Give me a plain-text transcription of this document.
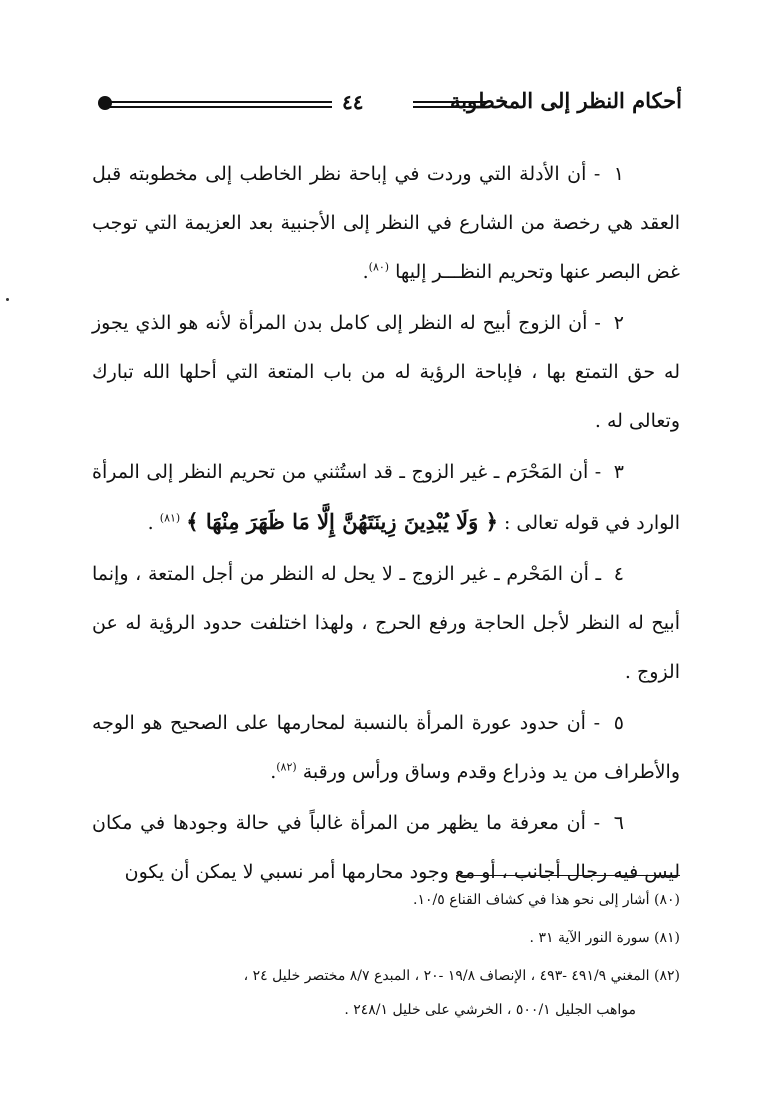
أحكام النظر إلى المخطوبة
٤٤

١ - أن الأدلة التي وردت في إباحة نظر الخاطب إلى مخطوبته قبل العقد هي رخصة من الشارع في النظر إلى الأجنبية بعد العزيمة التي توجب غض البصر عنها وتحريم النظـــر إليها $^{(٨٠)}$.

٢ - أن الزوج أبيح له النظر إلى كامل بدن المرأة لأنه هو الذي يجوز له حق التمتع بها ، فإباحة الرؤية له من باب المتعة التي أحلها الله تبارك وتعالى له .

٣ - أن المَحْرَم ـ غير الزوج ـ قد استُثني من تحريم النظر إلى المرأة الوارد في قوله تعالى : ﴿ وَلَا يُبْدِينَ زِينَتَهُنَّ إِلَّا مَا ظَهَرَ مِنْهَا ﴾ $^{(٨١)}$ .

٤ ـ أن المَحْرم ـ غير الزوج ـ لا يحل له النظر من أجل المتعة ، وإنما أبيح له النظر لأجل الحاجة ورفع الحرج ، ولهذا اختلفت حدود الرؤية له عن الزوج .

٥ - أن حدود عورة المرأة بالنسبة لمحارمها على الصحيح هو الوجه والأطراف من يد وذراع وقدم وساق ورأس ورقبة $^{(٨٢)}$.

٦ - أن معرفة ما يظهر من المرأة غالباً في حالة وجودها في مكان ليس فيه رجال أجانب ، أو مع وجود محارمها أمر نسبي لا يمكن أن يكون

(٨٠) أشار إلى نحو هذا في كشاف القناع ١٠/٥.
(٨١) سورة النور الآية ٣١ .
(٨٢) المغني ٤٩١/٩ -٤٩٣ ، الإنصاف ١٩/٨ -٢٠ ، المبدع ٨/٧ مختصر خليل ٢٤ ،
مواهب الجليل ٥٠٠/١ ، الخرشي على خليل ٢٤٨/١ .
